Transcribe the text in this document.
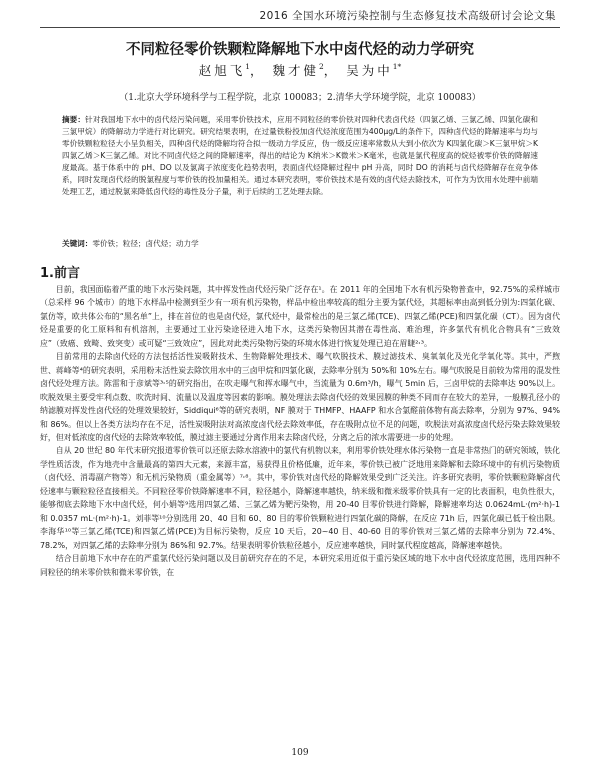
2016 全国水环境污染控制与生态修复技术高级研讨会论文集
不同粒径零价铁颗粒降解地下水中卤代烃的动力学研究
赵旭飞$^1$， 魏才健$^2$， 吴为中$^{1*}$
（1.北京大学环境科学与工程学院，北京 100083；2.清华大学环境学院，北京 100083）
摘要：针对我国地下水中的卤代烃污染问题，采用零价铁技术，应用不同粒径的零价铁对四种代表卤代烃（四氯乙烯、三氯乙烯、四氯化碳和三氯甲烷）的降解动力学进行对比研究。研究结果表明，在过量铁粉投加卤代烃浓度范围为400μg/L的条件下，四种卤代烃的降解速率与均与零价铁颗粒粒径大小呈负相关，四种卤代烃的降解均符合拟一级动力学反应，伪一级反应速率常数从大到小依次为 K四氯化碳＞K三氯甲烷＞K四氯乙烯＞K三氯乙烯。对比不同卤代烃之间的降解速率，得出的结论为 K纳米＞K微米＞K毫米，也就是氯代程度高的烷烃被零价铁的降解速度最高。基于体系中的 pH、DO 以及氯离子浓度变化趋势表明，表面卤代烃降解过程中 pH 升高，同时 DO 的消耗与卤代烃降解存在竞争体系，同时发现卤代烃的脱氯程度与零价铁的投加量相关。通过本研究表明，零价铁技术是有效的卤代烃去除技术，可作为为饮用水处理中前端处理工艺，通过脱氯来降低卤代烃的毒性及分子量，利于后续的工艺处理去除。
关键词：零价铁；粒径；卤代烃；动力学
1.前言

目前，我国面临着严重的地下水污染问题，其中挥发性卤代烃污染广泛存在¹。在 2011 年的全国地下水有机污染物普查中，92.75%的采样城市（总采样 96 个城市）的地下水样品中检测到至少有一项有机污染物，样品中检出率较高的组分主要为氯代烃，其超标率由高到低分别为:四氯化碳、氯仿等，欧共体公布的“黑名单”上，排在首位的也是卤代烃，氯代烃中，最常检出的是三氯乙烯(TCE)、四氯乙烯(PCE)和四氯化碳（CT）。因为卤代烃是重要的化工原料和有机溶剂，主要通过工业污染途径进入地下水，这类污染物因其潜在毒性高、难治理，许多氯代有机化合物具有“三致效应”（致癌、致畸、致突变）或可疑“三致效应”，因此对此类污染物污染的环境水体进行恢复处理已迫在眉睫²˒³。

目前常用的去除卤代烃的方法包括活性炭吸附技术、生物降解处理技术、曝气吹脱技术、膜过滤技术、臭氧氧化及光化学氧化等。其中，严煦世、蒋峰等⁴的研究表明，采用粉末活性炭去除饮用水中的三卤甲烷和四氯化碳，去除率分别为 50%和 10%左右。曝气吹脱是目前较为常用的混发性卤代烃处理方法。陈雷和于彦斌等³˒⁵的研究指出，在吹走曝气和挥水曝气中，当流量为 0.6m³/h，曝气 5min 后，三卤甲烷的去除率达 90%以上。吹脱效果主要受牢利点数、吹洗时间、流量以及温度等因素的影响。膜处理法去除卤代烃的效果因膜的种类不同而存在较大的差异，一般膜孔径小的纳滤膜对挥发性卤代烃的处理效果较好，Siddiqui⁶等的研究表明，NF 膜对于 THMFP、HAAFP 和水合氯醛前体物有高去除率，分别为 97%、94%和 86%。但以上各类方法均存在不足，活性炭吸附法对高浓度卤代烃去除效率低，存在吸附点位不足的问题，吹脱法对高浓度卤代烃污染去除效果较好，但对低浓度的卤代烃的去除效率较低，膜过滤主要通过分离作用来去除卤代烃，分离之后的浓水需要进一步的处理。

自从 20 世纪 80 年代末研究报道零价铁可以还原去除水溶液中的氯代有机物以来，利用零价铁处理水体污染物一直是非常热门的研究领域，铁化学性质活泼，作为地壳中含量最高的第四大元素，来源丰富，易获得且价格低廉，近年来，零价铁已被广泛地用来降解和去除环境中的有机污染物质（卤代烃、消毒副产物等）和无机污染物质（重金属等）⁷˒⁸。其中，零价铁对卤代烃的降解效果受到广泛关注。许多研究表明，零价铁颗粒降解卤代烃速率与颗粒粒径直接相关。不同粒径零价铁降解速率不同，粒径越小，降解速率越快，纳米级和微米级零价铁具有一定的比表面积，电负性很大，能够彻底去除地下水中卤代烃，何小娟等⁹选用四氯乙烯、三氯乙烯为靶污染物，用 20-40 目零价铁进行降解，降解速率均达 0.0624mL·(m²·h)-1 和 0.0357 mL·(m²·h)-1。刘菲等¹⁰分别选用 20、40 目和 60、80 目的零价铁颗粒进行四氯化碳的降解，在反应 71h 后，四氯化碳已低于检出限。李海华¹⁰等三氯乙烯(TCE)和四氯乙烯(PCE)为目标污染物，反应 10 天后，20~40 目、40-60 目的零价铁对三氯乙烯的去除率分别为 72.4%、78.2%，对四氯乙烯的去除率分别为 86%和 92.7%。结果表明零价铁粒径越小，反应速率越快，同时氯代程度越高，降解速率越快。

结合目前地下水中存在的严重氯代烃污染问题以及目前研究存在的不足，本研究采用近似于重污染区域的地下水中卤代烃浓度范围，选用四种不同粒径的纳米零价铁和微米零价铁，在

109
